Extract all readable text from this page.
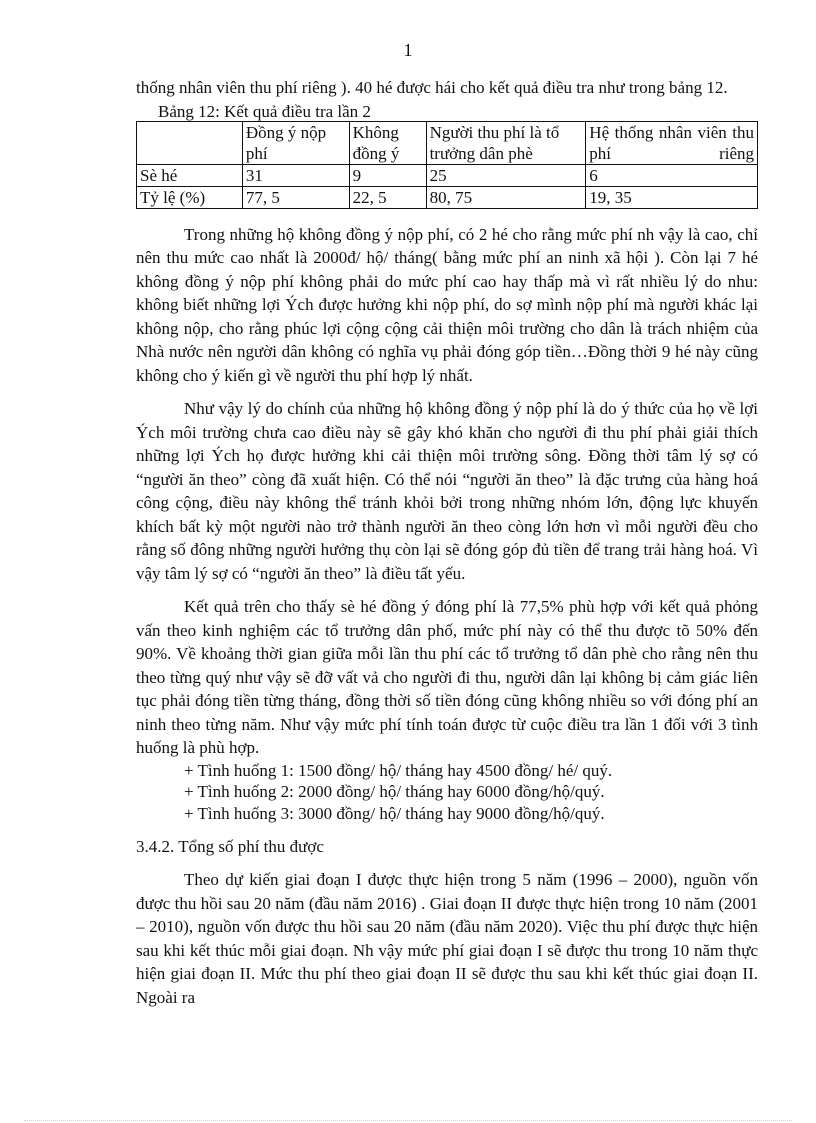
1

thống nhân viên thu phí riêng ). 40 hé được hái cho kết quả điều tra như trong bảng 12.

Bảng 12: Kết quả điều tra lần 2
	Đồng ý nộp phí	Không đồng ý	Người thu phí là tổ trưởng dân phè	Hệ thống nhân viên thu phí riêng
Sè hé	31	9	25	6
Tỷ lệ (%)	77, 5	22, 5	80, 75	19, 35

Trong những hộ không đồng ý nộp phí, có 2 hé cho rằng mức phí nh vậy là cao, chỉ nên thu mức cao nhất là 2000đ/ hộ/ tháng( bằng mức phí an ninh xã hội ). Còn lại 7 hé không đồng ý nộp phí không phải do mức phí cao hay thấp mà vì rất nhiều lý do nhu: không biết những lợi Ých được hưởng khi nộp phí, do sợ mình nộp phí mà người khác lại không nộp, cho rằng phúc lợi cộng cộng cải thiện môi trường cho dân là trách nhiệm của Nhà nước nên người dân không có nghĩa vụ phải đóng góp tiền…Đồng thời 9 hé này cũng không cho ý kiến gì về người thu phí hợp lý nhất.

Như vậy lý do chính của những hộ không đồng ý nộp phí là do ý thức của họ về lợi Ých môi trường chưa cao điều này sẽ gây khó khăn cho người đi thu phí phải giải thích những lợi Ých họ được hưởng khi cải thiện môi trường sông. Đồng thời tâm lý sợ có “người ăn theo” còng đã xuất hiện. Có thể nói “người ăn theo” là đặc trưng của hàng hoá công cộng, điều này không thể tránh khỏi bởi trong những nhóm lớn, động lực khuyến khích bất kỳ một người nào trở thành người ăn theo còng lớn hơn vì mỗi người đều cho rằng số đông những người hưởng thụ còn lại sẽ đóng góp đủ tiền để trang trải hàng hoá. Vì vậy tâm lý sợ có “người ăn theo” là điều tất yếu.

Kết quả trên cho thấy sè hé đồng ý đóng phí là 77,5% phù hợp với kết quả phỏng vấn theo kinh nghiệm các tổ trưởng dân phố, mức phí này có thể thu được tõ 50% đến 90%. Về khoảng thời gian giữa mỗi lần thu phí các tổ trưởng tổ dân phè cho rằng nên thu theo từng quý như vậy sẽ đỡ vất vả cho người đi thu, người dân lại không bị cảm giác liên tục phải đóng tiền từng tháng, đồng thời số tiền đóng cũng không nhiều so với đóng phí an ninh theo từng năm. Như vậy mức phí tính toán được từ cuộc điều tra lần 1 đối với 3 tình huống là phù hợp.

+ Tình huống 1: 1500 đồng/ hộ/ tháng hay 4500 đồng/ hé/ quý.

+ Tình huống 2: 2000 đồng/ hộ/ tháng hay 6000 đồng/hộ/quý.

+ Tình huống 3: 3000 đồng/ hộ/ tháng hay 9000 đồng/hộ/quý.

3.4.2. Tổng số phí thu được

Theo dự kiến giai đoạn I được thực hiện trong 5 năm (1996 – 2000), nguồn vốn được thu hồi sau 20 năm (đầu năm 2016) . Giai đoạn II được thực hiện trong 10 năm (2001 – 2010), nguồn vốn được thu hồi sau 20 năm (đầu năm 2020). Việc thu phí được thực hiện sau khi kết thúc mỗi giai đoạn. Nh vậy mức phí giai đoạn I sẽ được thu trong 10 năm thực hiện giai đoạn II. Mức thu phí theo giai đoạn II sẽ được thu sau khi kết thúc giai đoạn II. Ngoài ra
